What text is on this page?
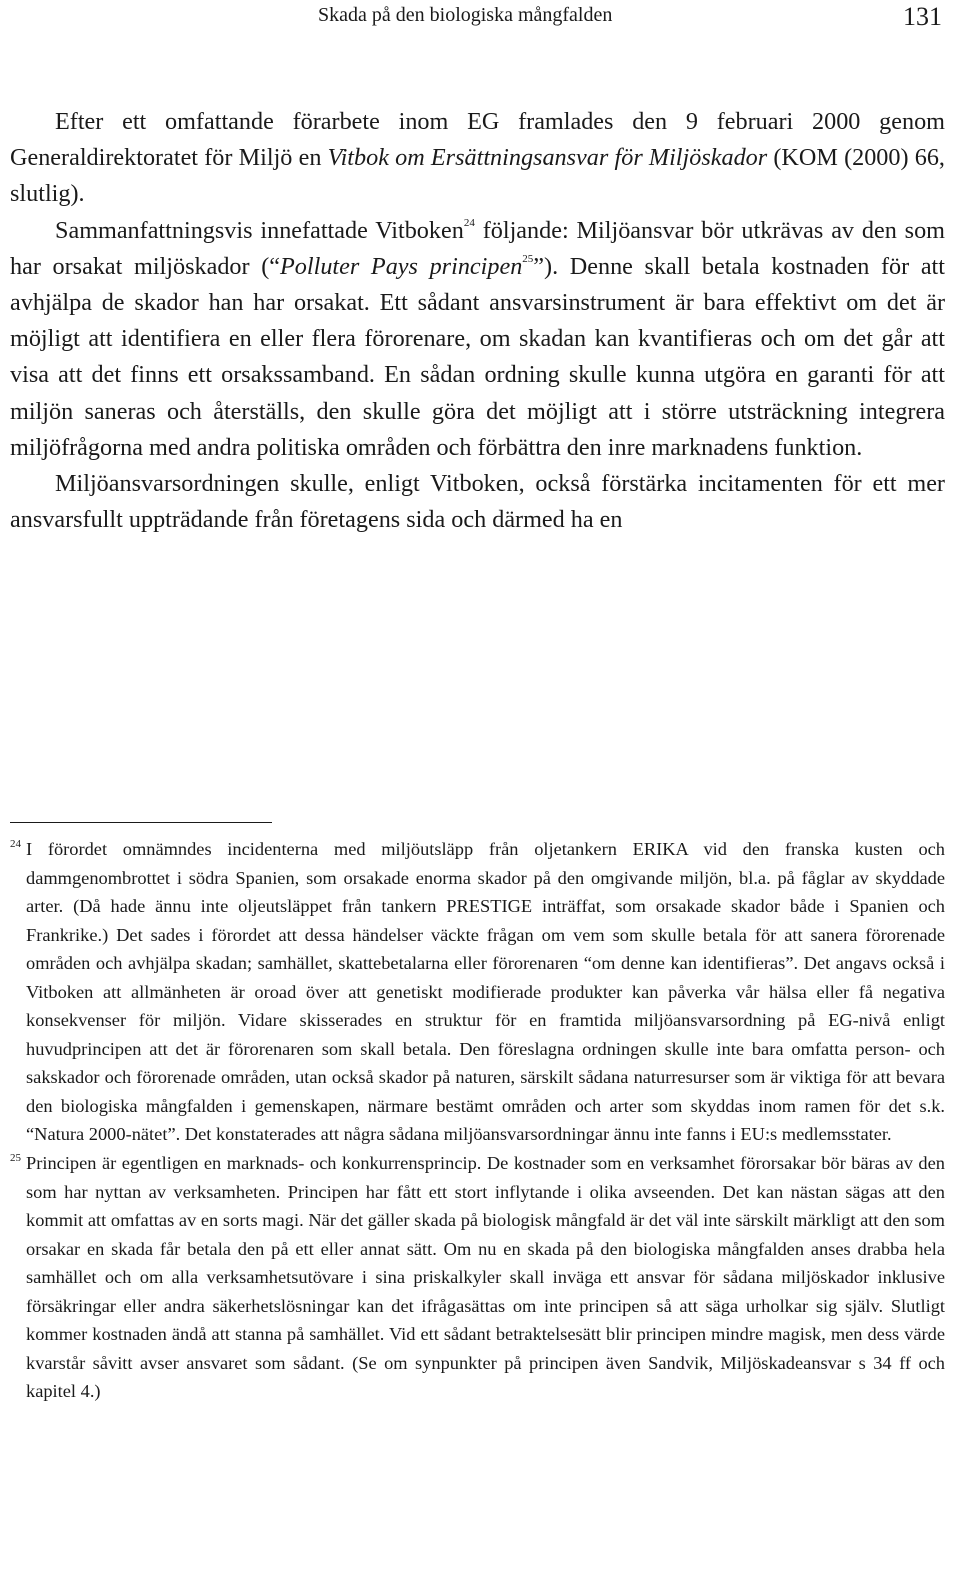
Skada på den biologiska mångfalden	131

Efter ett omfattande förarbete inom EG framlades den 9 februari 2000 genom Generaldirektoratet för Miljö en Vitbok om Ersättningsansvar för Miljöskador (KOM (2000) 66, slutlig).

Sammanfattningsvis innefattade Vitboken$^{24}$ följande: Miljöansvar bör utkrävas av den som har orsakat miljöskador (“Polluter Pays principen$^{25}$”). Denne skall betala kostnaden för att avhjälpa de skador han har orsakat. Ett sådant ansvarsinstrument är bara effektivt om det är möjligt att identifiera en eller flera förorenare, om skadan kan kvantifieras och om det går att visa att det finns ett orsakssamband. En sådan ordning skulle kunna utgöra en garanti för att miljön saneras och återställs, den skulle göra det möjligt att i större utsträckning integrera miljöfrågorna med andra politiska områden och förbättra den inre marknadens funktion.

Miljöansvarsordningen skulle, enligt Vitboken, också förstärka incitamenten för ett mer ansvarsfullt uppträdande från företagens sida och därmed ha en

24 I förordet omnämndes incidenterna med miljöutsläpp från oljetankern ERIKA vid den franska kusten och dammgenombrottet i södra Spanien, som orsakade enorma skador på den omgivande miljön, bl.a. på fåglar av skyddade arter. (Då hade ännu inte oljeutsläppet från tankern PRESTIGE inträffat, som orsakade skador både i Spanien och Frankrike.) Det sades i förordet att dessa händelser väckte frågan om vem som skulle betala för att sanera förorenade områden och avhjälpa skadan; samhället, skattebetalarna eller förorenaren “om denne kan identifieras”. Det angavs också i Vitboken att allmänheten är oroad över att genetiskt modifierade produkter kan påverka vår hälsa eller få negativa konsekvenser för miljön. Vidare skisserades en struktur för en framtida miljöansvarsordning på EG-nivå enligt huvudprincipen att det är förorenaren som skall betala. Den föreslagna ordningen skulle inte bara omfatta person- och sakskador och förorenade områden, utan också skador på naturen, särskilt sådana naturresurser som är viktiga för att bevara den biologiska mångfalden i gemenskapen, närmare bestämt områden och arter som skyddas inom ramen för det s.k. “Natura 2000-nätet”. Det konstaterades att några sådana miljöansvarsordningar ännu inte fanns i EU:s medlemsstater.
25 Principen är egentligen en marknads- och konkurrensprincip. De kostnader som en verksamhet förorsakar bör bäras av den som har nyttan av verksamheten. Principen har fått ett stort inflytande i olika avseenden. Det kan nästan sägas att den kommit att omfattas av en sorts magi. När det gäller skada på biologisk mångfald är det väl inte särskilt märkligt att den som orsakar en skada får betala den på ett eller annat sätt. Om nu en skada på den biologiska mångfalden anses drabba hela samhället och om alla verksamhetsutövare i sina priskalkyler skall inväga ett ansvar för sådana miljöskador inklusive försäkringar eller andra säkerhetslösningar kan det ifrågasättas om inte principen så att säga urholkar sig själv. Slutligt kommer kostnaden ändå att stanna på samhället. Vid ett sådant betraktelsesätt blir principen mindre magisk, men dess värde kvarstår såvitt avser ansvaret som sådant. (Se om synpunkter på principen även Sandvik, Miljöskadeansvar s 34 ff och kapitel 4.)
